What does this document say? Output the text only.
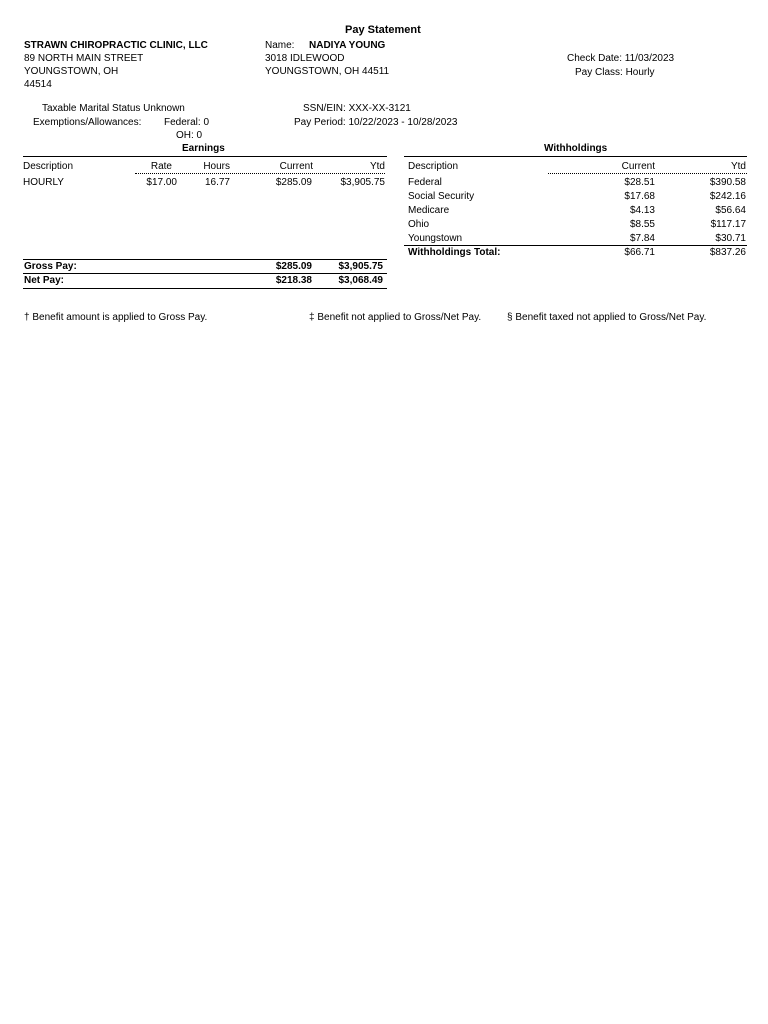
Pay Statement
STRAWN CHIROPRACTIC CLINIC, LLC
89 NORTH MAIN STREET
YOUNGSTOWN, OH
44514
Name: NADIYA YOUNG
3018 IDLEWOOD
YOUNGSTOWN, OH 44511
Check Date: 11/03/2023
Pay Class: Hourly
Taxable Marital Status Unknown
Exemptions/Allowances: Federal: 0
OH: 0
SSN/EIN: XXX-XX-3121
Pay Period: 10/22/2023 - 10/28/2023
Earnings
Description	Rate	Hours	Current	Ytd
HOURLY	$17.00	16.77	$285.09	$3,905.75
Withholdings
Description	Current	Ytd
Federal	$28.51	$390.58
Social Security	$17.68	$242.16
Medicare	$4.13	$56.64
Ohio	$8.55	$117.17
Youngstown	$7.84	$30.71
Withholdings Total:	$66.71	$837.26
Gross Pay:	$285.09	$3,905.75
Net Pay:	$218.38	$3,068.49
† Benefit amount is applied to Gross Pay.	‡ Benefit not applied to Gross/Net Pay.	§ Benefit taxed not applied to Gross/Net Pay.
